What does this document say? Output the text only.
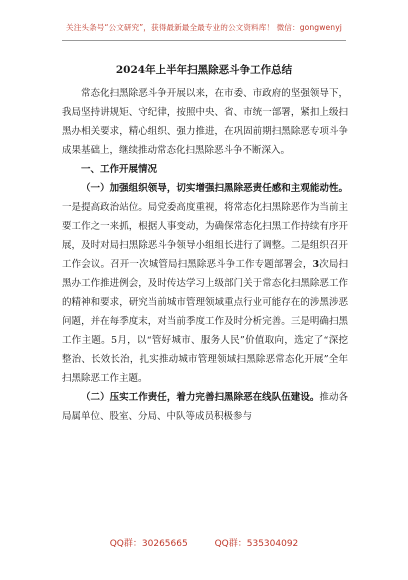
关注头条号“公文研究”，获得最新最全最专业的公文资料库！ 微信：gongwenyj
2024年上半年扫黑除恶斗争工作总结

常态化扫黑除恶斗争开展以来，在市委、市政府的坚强领导下，我局坚持讲规矩、守纪律，按照中央、省、市统一部署，紧扣上级扫黑办相关要求，精心组织、强力推进，在巩固前期扫黑除恶专项斗争成果基础上，继续推动常态化扫黑除恶斗争不断深入。

一、工作开展情况

（一）加强组织领导，切实增强扫黑除恶责任感和主观能动性。一是提高政治站位。局党委高度重视，将常态化扫黑除恶作为当前主要工作之一来抓，根据人事变动，为确保常态化扫黑工作持续有序开展，及时对局扫黑除恶斗争领导小组组长进行了调整。二是组织召开工作会议。召开一次城管局扫黑除恶斗争工作专题部署会，3次局扫黑办工作推进例会，及时传达学习上级部门关于常态化扫黑除恶工作的精神和要求，研究当前城市管理领域重点行业可能存在的涉黑涉恶问题，并在每季度末，对当前季度工作及时分析完善。三是明确扫黑工作主题。5月，以“管好城市、服务人民”价值取向，选定了“深挖整治、长效长治，扎实推动城市管理领域扫黑除恶常态化开展”全年扫黑除恶工作主题。

（二）压实工作责任，着力完善扫黑除恶在线队伍建设。推动各局属单位、股室、分局、中队等成员积极参与

QQ群：30265665	QQ群：535304092
